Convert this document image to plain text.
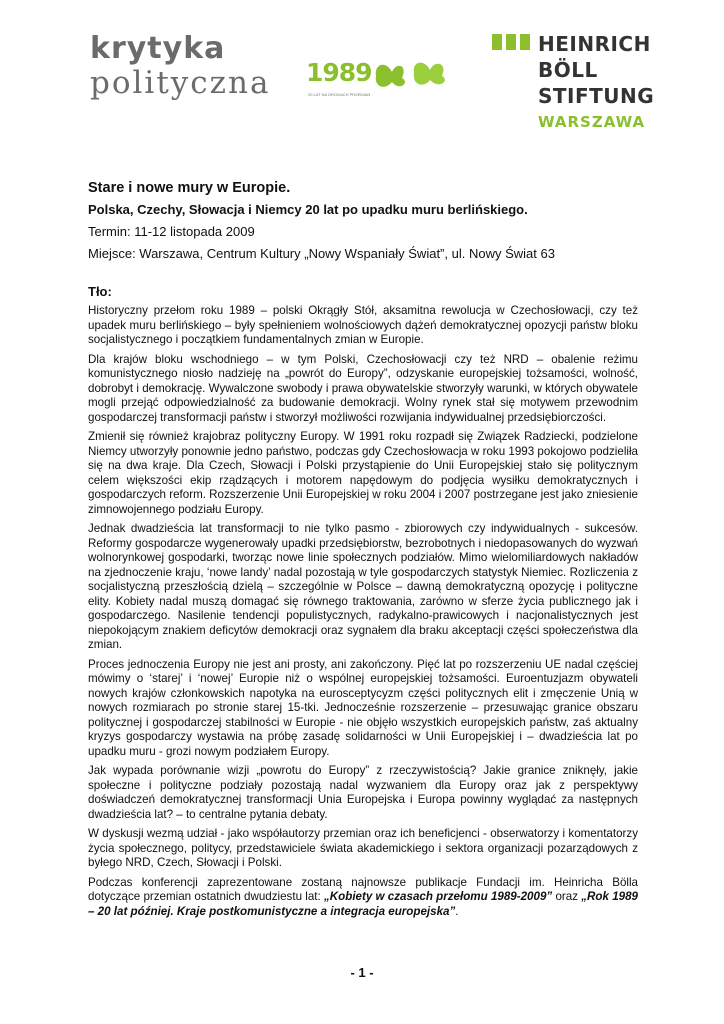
krytyka
polityczna 1989
20 LAT NA DROGACH PRZEMIAN
HEINRICH
BÖLL
STIFTUNG
WARSZAWA

Stare i nowe mury w Europie.

Polska, Czechy, Słowacja i Niemcy 20 lat po upadku muru berlińskiego.

Termin: 11-12 listopada 2009

Miejsce: Warszawa, Centrum Kultury „Nowy Wspaniały Świat”, ul. Nowy Świat 63

Tło:

Historyczny przełom roku 1989 – polski Okrągły Stół, aksamitna rewolucja w Czechosłowacji, czy też upadek muru berlińskiego – były spełnieniem wolnościowych dążeń demokratycznej opozycji państw bloku socjalistycznego i początkiem fundamentalnych zmian w Europie.

Dla krajów bloku wschodniego – w tym Polski, Czechosłowacji czy też NRD – obalenie reżimu komunistycznego niosło nadzieję na „powrót do Europy”, odzyskanie europejskiej tożsamości, wolność, dobrobyt i demokrację. Wywalczone swobody i prawa obywatelskie stworzyły warunki, w których obywatele mogli przejąć odpowiedzialność za budowanie demokracji. Wolny rynek stał się motywem przewodnim gospodarczej transformacji państw i stworzył możliwości rozwijania indywidualnej przedsiębiorczości.

Zmienił się również krajobraz polityczny Europy. W 1991 roku rozpadł się Związek Radziecki, podzielone Niemcy utworzyły ponownie jedno państwo, podczas gdy Czechosłowacja w roku 1993 pokojowo podzieliła się na dwa kraje. Dla Czech, Słowacji i Polski przystąpienie do Unii Europejskiej stało się politycznym celem większości ekip rządzących i motorem napędowym do podjęcia wysiłku demokratycznych i gospodarczych reform. Rozszerzenie Unii Europejskiej w roku 2004 i 2007 postrzegane jest jako zniesienie zimnowojennego podziału Europy.

Jednak dwadzieścia lat transformacji to nie tylko pasmo - zbiorowych czy indywidualnych - sukcesów. Reformy gospodarcze wygenerowały upadki przedsiębiorstw, bezrobotnych i niedopasowanych do wyzwań wolnorynkowej gospodarki, tworząc nowe linie społecznych podziałów. Mimo wielomiliardowych nakładów na zjednoczenie kraju, ‘nowe landy’ nadal pozostają w tyle gospodarczych statystyk Niemiec. Rozliczenia z socjalistyczną przeszłością dzielą – szczególnie w Polsce – dawną demokratyczną opozycję i polityczne elity. Kobiety nadal muszą domagać się równego traktowania, zarówno w sferze życia publicznego jak i gospodarczego. Nasilenie tendencji populistycznych, radykalno-prawicowych i nacjonalistycznych jest niepokojącym znakiem deficytów demokracji oraz sygnałem dla braku akceptacji części społeczeństwa dla zmian.

Proces jednoczenia Europy nie jest ani prosty, ani zakończony. Pięć lat po rozszerzeniu UE nadal częściej mówimy o ‘starej’ i ‘nowej’ Europie niż o wspólnej europejskiej tożsamości. Euroentuzjazm obywateli nowych krajów członkowskich napotyka na eurosceptycyzm części politycznych elit i zmęczenie Unią w nowych rozmiarach po stronie starej 15-tki. Jednocześnie rozszerzenie – przesuwając granice obszaru politycznej i gospodarczej stabilności w Europie - nie objęło wszystkich europejskich państw, zaś aktualny kryzys gospodarczy wystawia na próbę zasadę solidarności w Unii Europejskiej i – dwadzieścia lat po upadku muru - grozi nowym podziałem Europy.

Jak wypada porównanie wizji „powrotu do Europy” z rzeczywistością? Jakie granice zniknęły, jakie społeczne i polityczne podziały pozostają nadal wyzwaniem dla Europy oraz jak z perspektywy doświadczeń demokratycznej transformacji Unia Europejska i Europa powinny wyglądać za następnych dwadzieścia lat? – to centralne pytania debaty.

W dyskusji wezmą udział - jako współautorzy przemian oraz ich beneficjenci - obserwatorzy i komentatorzy życia społecznego, politycy, przedstawiciele świata akademickiego i sektora organizacji pozarządowych z byłego NRD, Czech, Słowacji i Polski.

Podczas konferencji zaprezentowane zostaną najnowsze publikacje Fundacji im. Heinricha Bölla dotyczące przemian ostatnich dwudziestu lat: „Kobiety w czasach przełomu 1989-2009” oraz „Rok 1989 – 20 lat później. Kraje postkomunistyczne a integracja europejska”.

- 1 -
